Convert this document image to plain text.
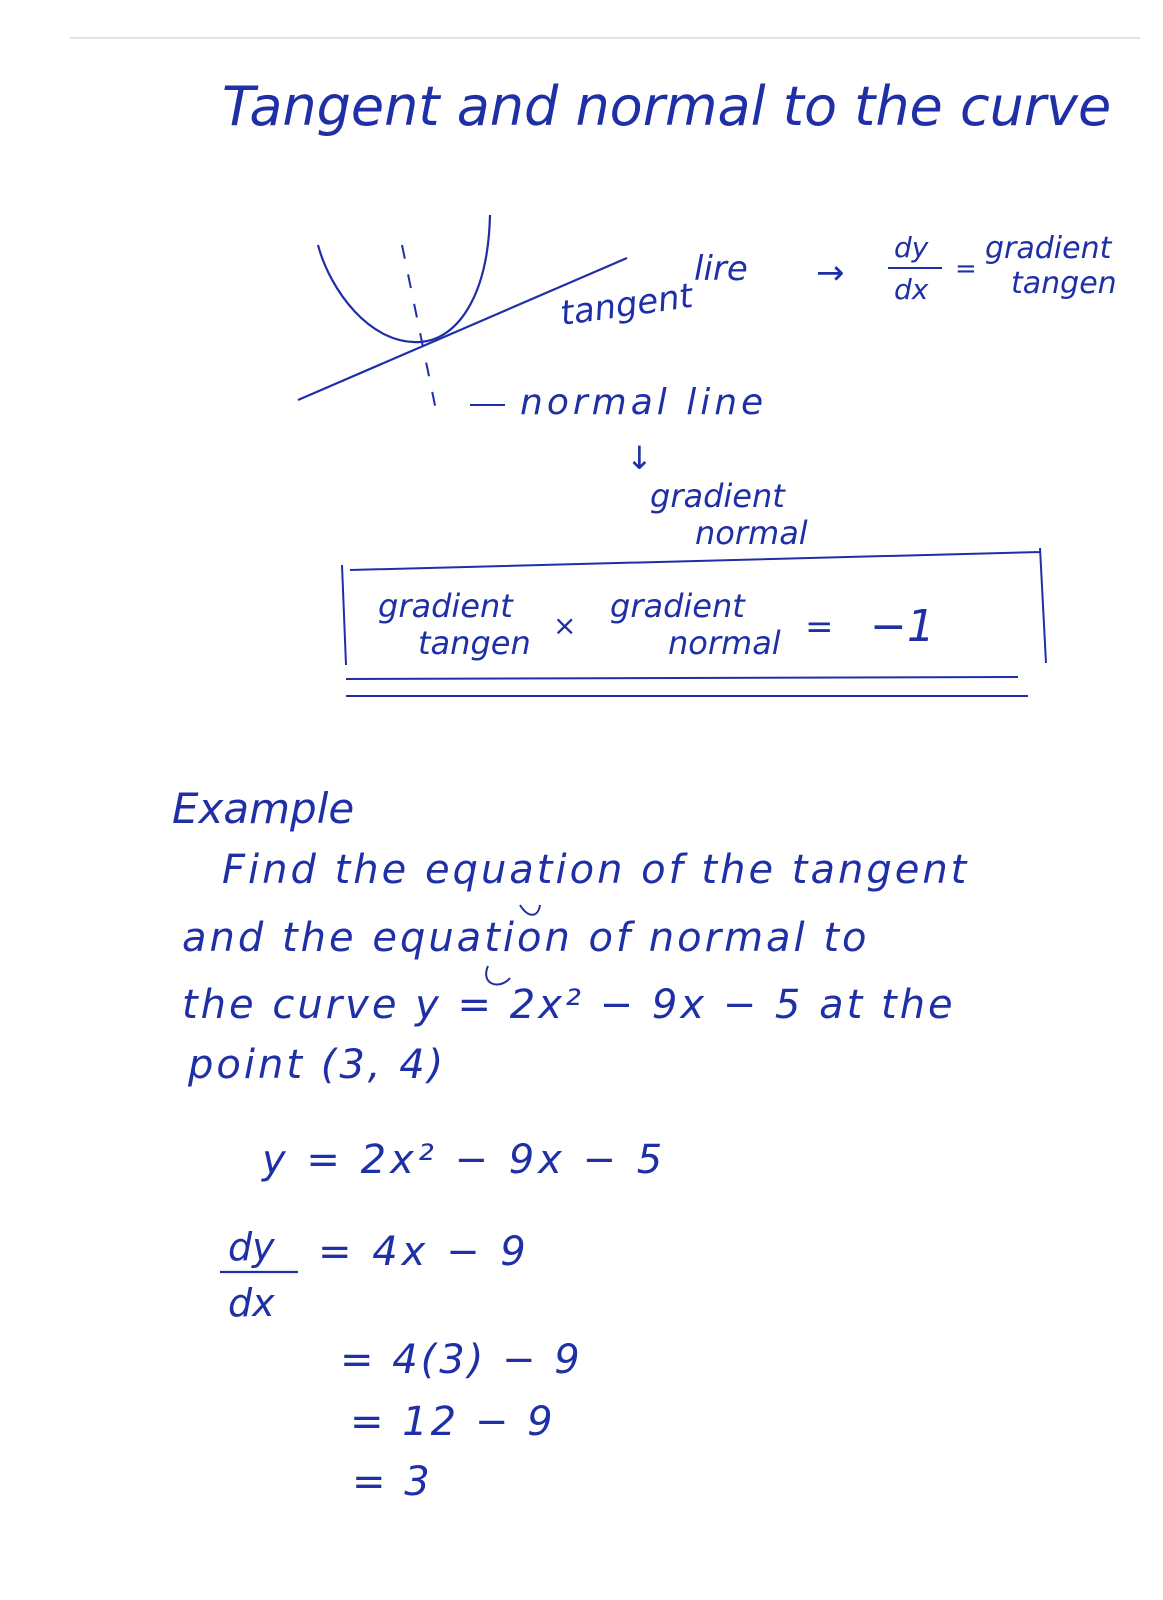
Tangent and normal to the curve
tangent
lire →
dy
dx
=
gradient
tangen
normal line
↓
gradient
normal
gradient
tangen ×
gradient
normal = −1
Example
Find the equation of the tangent
and the equation of normal to
the curve y = 2x² − 9x − 5 at the
point (3, 4)
y = 2x² − 9x − 5
dy
dx
= 4x − 9
= 4(3) − 9
= 12 − 9
= 3
